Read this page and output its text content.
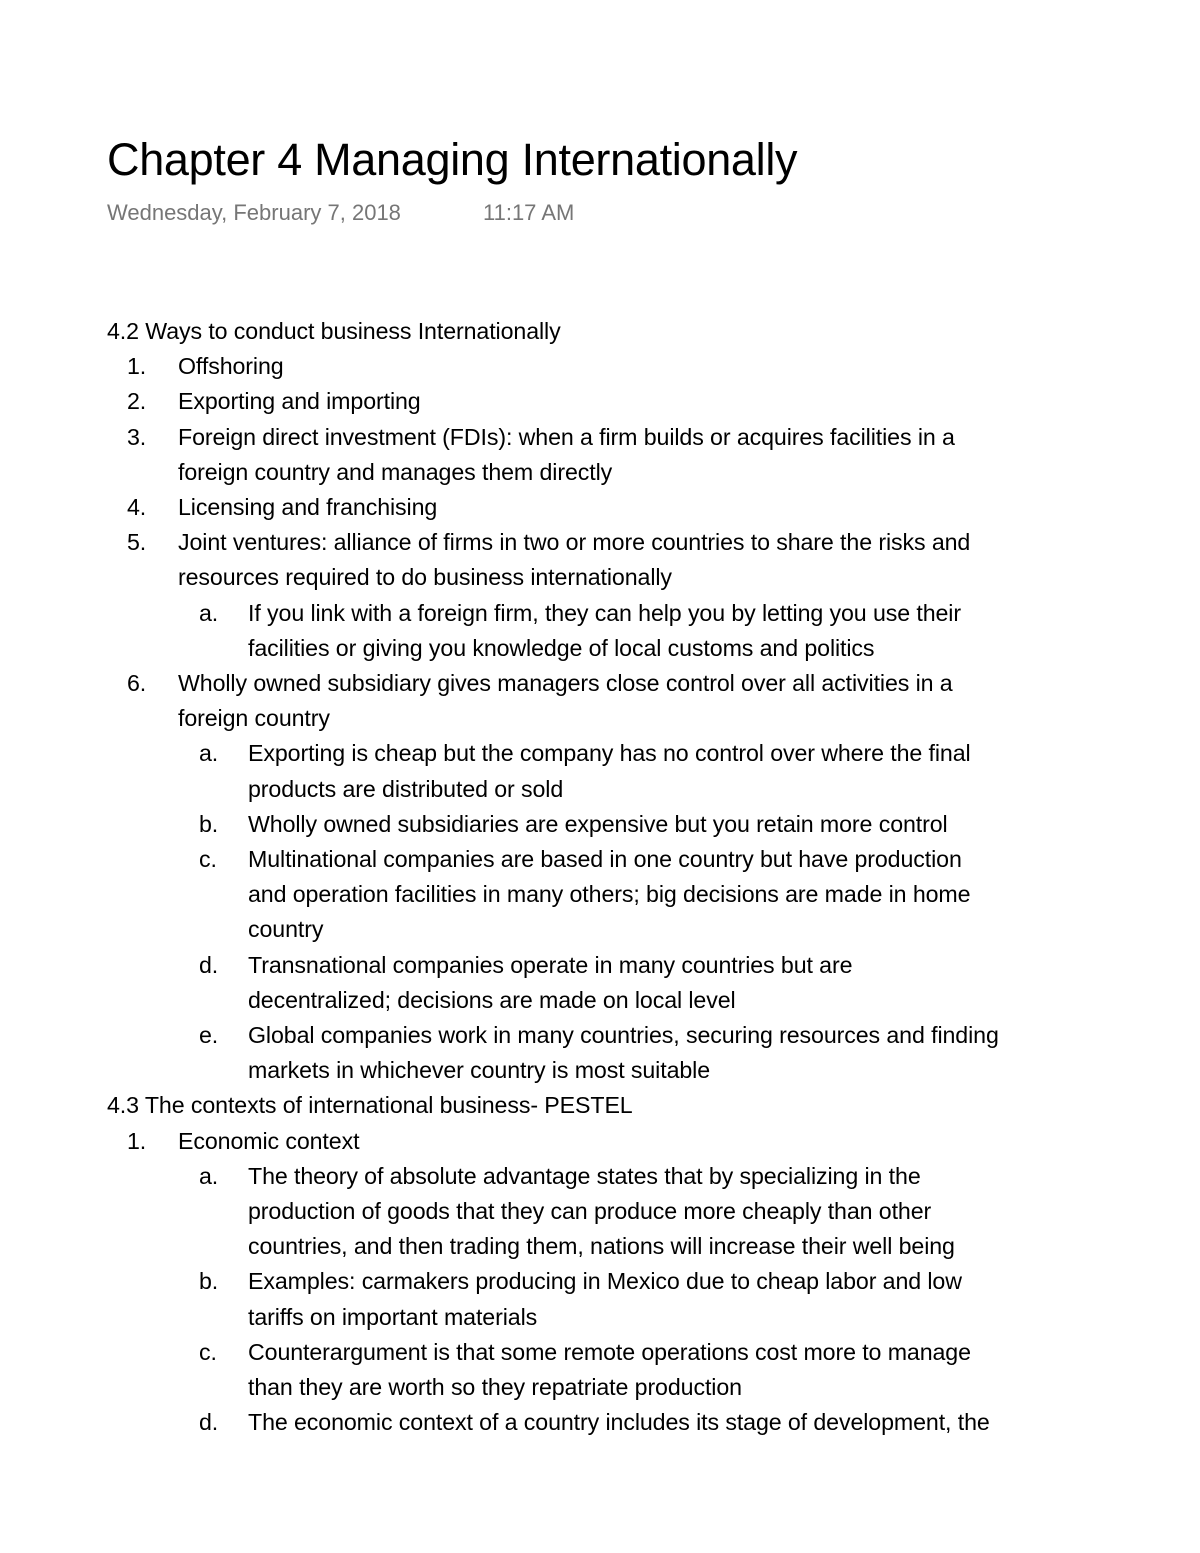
Chapter 4 Managing Internationally
Wednesday, February 7, 2018	11:17 AM
4.2 Ways to conduct business Internationally
1. Offshoring
2. Exporting and importing
3. Foreign direct investment (FDIs): when a firm builds or acquires facilities in a
foreign country and manages them directly
4. Licensing and franchising
5. Joint ventures: alliance of firms in two or more countries to share the risks and
resources required to do business internationally
a. If you link with a foreign firm, they can help you by letting you use their
facilities or giving you knowledge of local customs and politics
6. Wholly owned subsidiary gives managers close control over all activities in a
foreign country
a. Exporting is cheap but the company has no control over where the final
products are distributed or sold
b. Wholly owned subsidiaries are expensive but you retain more control
c. Multinational companies are based in one country but have production
and operation facilities in many others; big decisions are made in home
country
d. Transnational companies operate in many countries but are
decentralized; decisions are made on local level
e. Global companies work in many countries, securing resources and finding
markets in whichever country is most suitable
4.3 The contexts of international business- PESTEL
1. Economic context
a. The theory of absolute advantage states that by specializing in the
production of goods that they can produce more cheaply than other
countries, and then trading them, nations will increase their well being
b. Examples: carmakers producing in Mexico due to cheap labor and low
tariffs on important materials
c. Counterargument is that some remote operations cost more to manage
than they are worth so they repatriate production
d. The economic context of a country includes its stage of development, the
